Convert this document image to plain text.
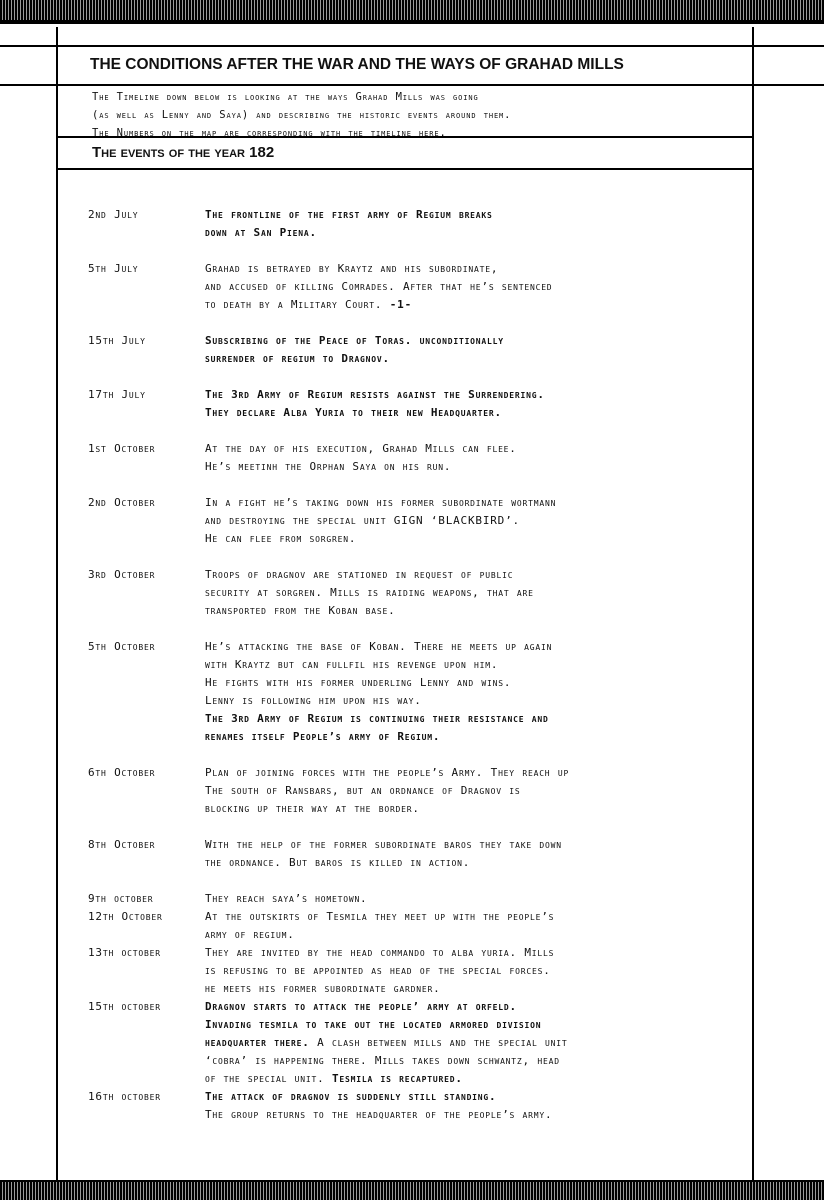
THE CONDITIONS AFTER THE WAR AND THE WAYS OF GRAHAD MILLS
The Timeline down below is looking at the ways Grahad Mills was going
(as well as Lenny and Saya) and describing the historic events around them.
The Numbers on the map are corresponding with the timeline here.
The events of the year 182
2nd July	The frontline of the first army of Regium breaks
down at San Piena.
5th July	Grahad is betrayed by Kraytz and his subordinate,
and accused of killing Comrades. After that he’s sentenced
to death by a Military Court. -1-
15th July	Subscribing of the Peace of Toras. unconditionally
surrender of regium to Dragnov.
17th July	The 3rd Army of Regium resists against the Surrendering.
They declare Alba Yuria to their new Headquarter.
1st October	At the day of his execution, Grahad Mills can flee.
He’s meetinh the Orphan Saya on his run.
2nd October	In a fight he’s taking down his former subordinate wortmann
and destroying the special unit GIGN ‘BLACKBIRD’.
He can flee from sorgren.
3rd October	Troops of dragnov are stationed in request of public
security at sorgren. Mills is raiding weapons, that are
transported from the Koban base.
5th October	He’s attacking the base of Koban. There he meets up again
with Kraytz but can fullfil his revenge upon him.
He fights with his former underling Lenny and wins.
Lenny is following him upon his way.
The 3rd Army of Regium is continuing their resistance and
renames itself People’s army of Regium.
6th October	Plan of joining forces with the people’s Army. They reach up
The south of Ransbars, but an ordnance of Dragnov is
blocking up their way at the border.
8th October	With the help of the former subordinate baros they take down
the ordnance. But baros is killed in action.
9th october	They reach saya’s hometown.
12th October	At the outskirts of Tesmila they meet up with the people’s
army of regium.
13th october	They are invited by the head commando to alba yuria. Mills
is refusing to be appointed as head of the special forces.
he meets his former subordinate gardner.
15th october	Dragnov starts to attack the people’ army at orfeld.
Invading tesmila to take out the located armored division
headquarter there. A clash between mills and the special unit
‘cobra’ is happening there. Mills takes down schwantz, head
of the special unit. Tesmila is recaptured.
16th october	The attack of dragnov is suddenly still standing.
The group returns to the headquarter of the people’s army.
